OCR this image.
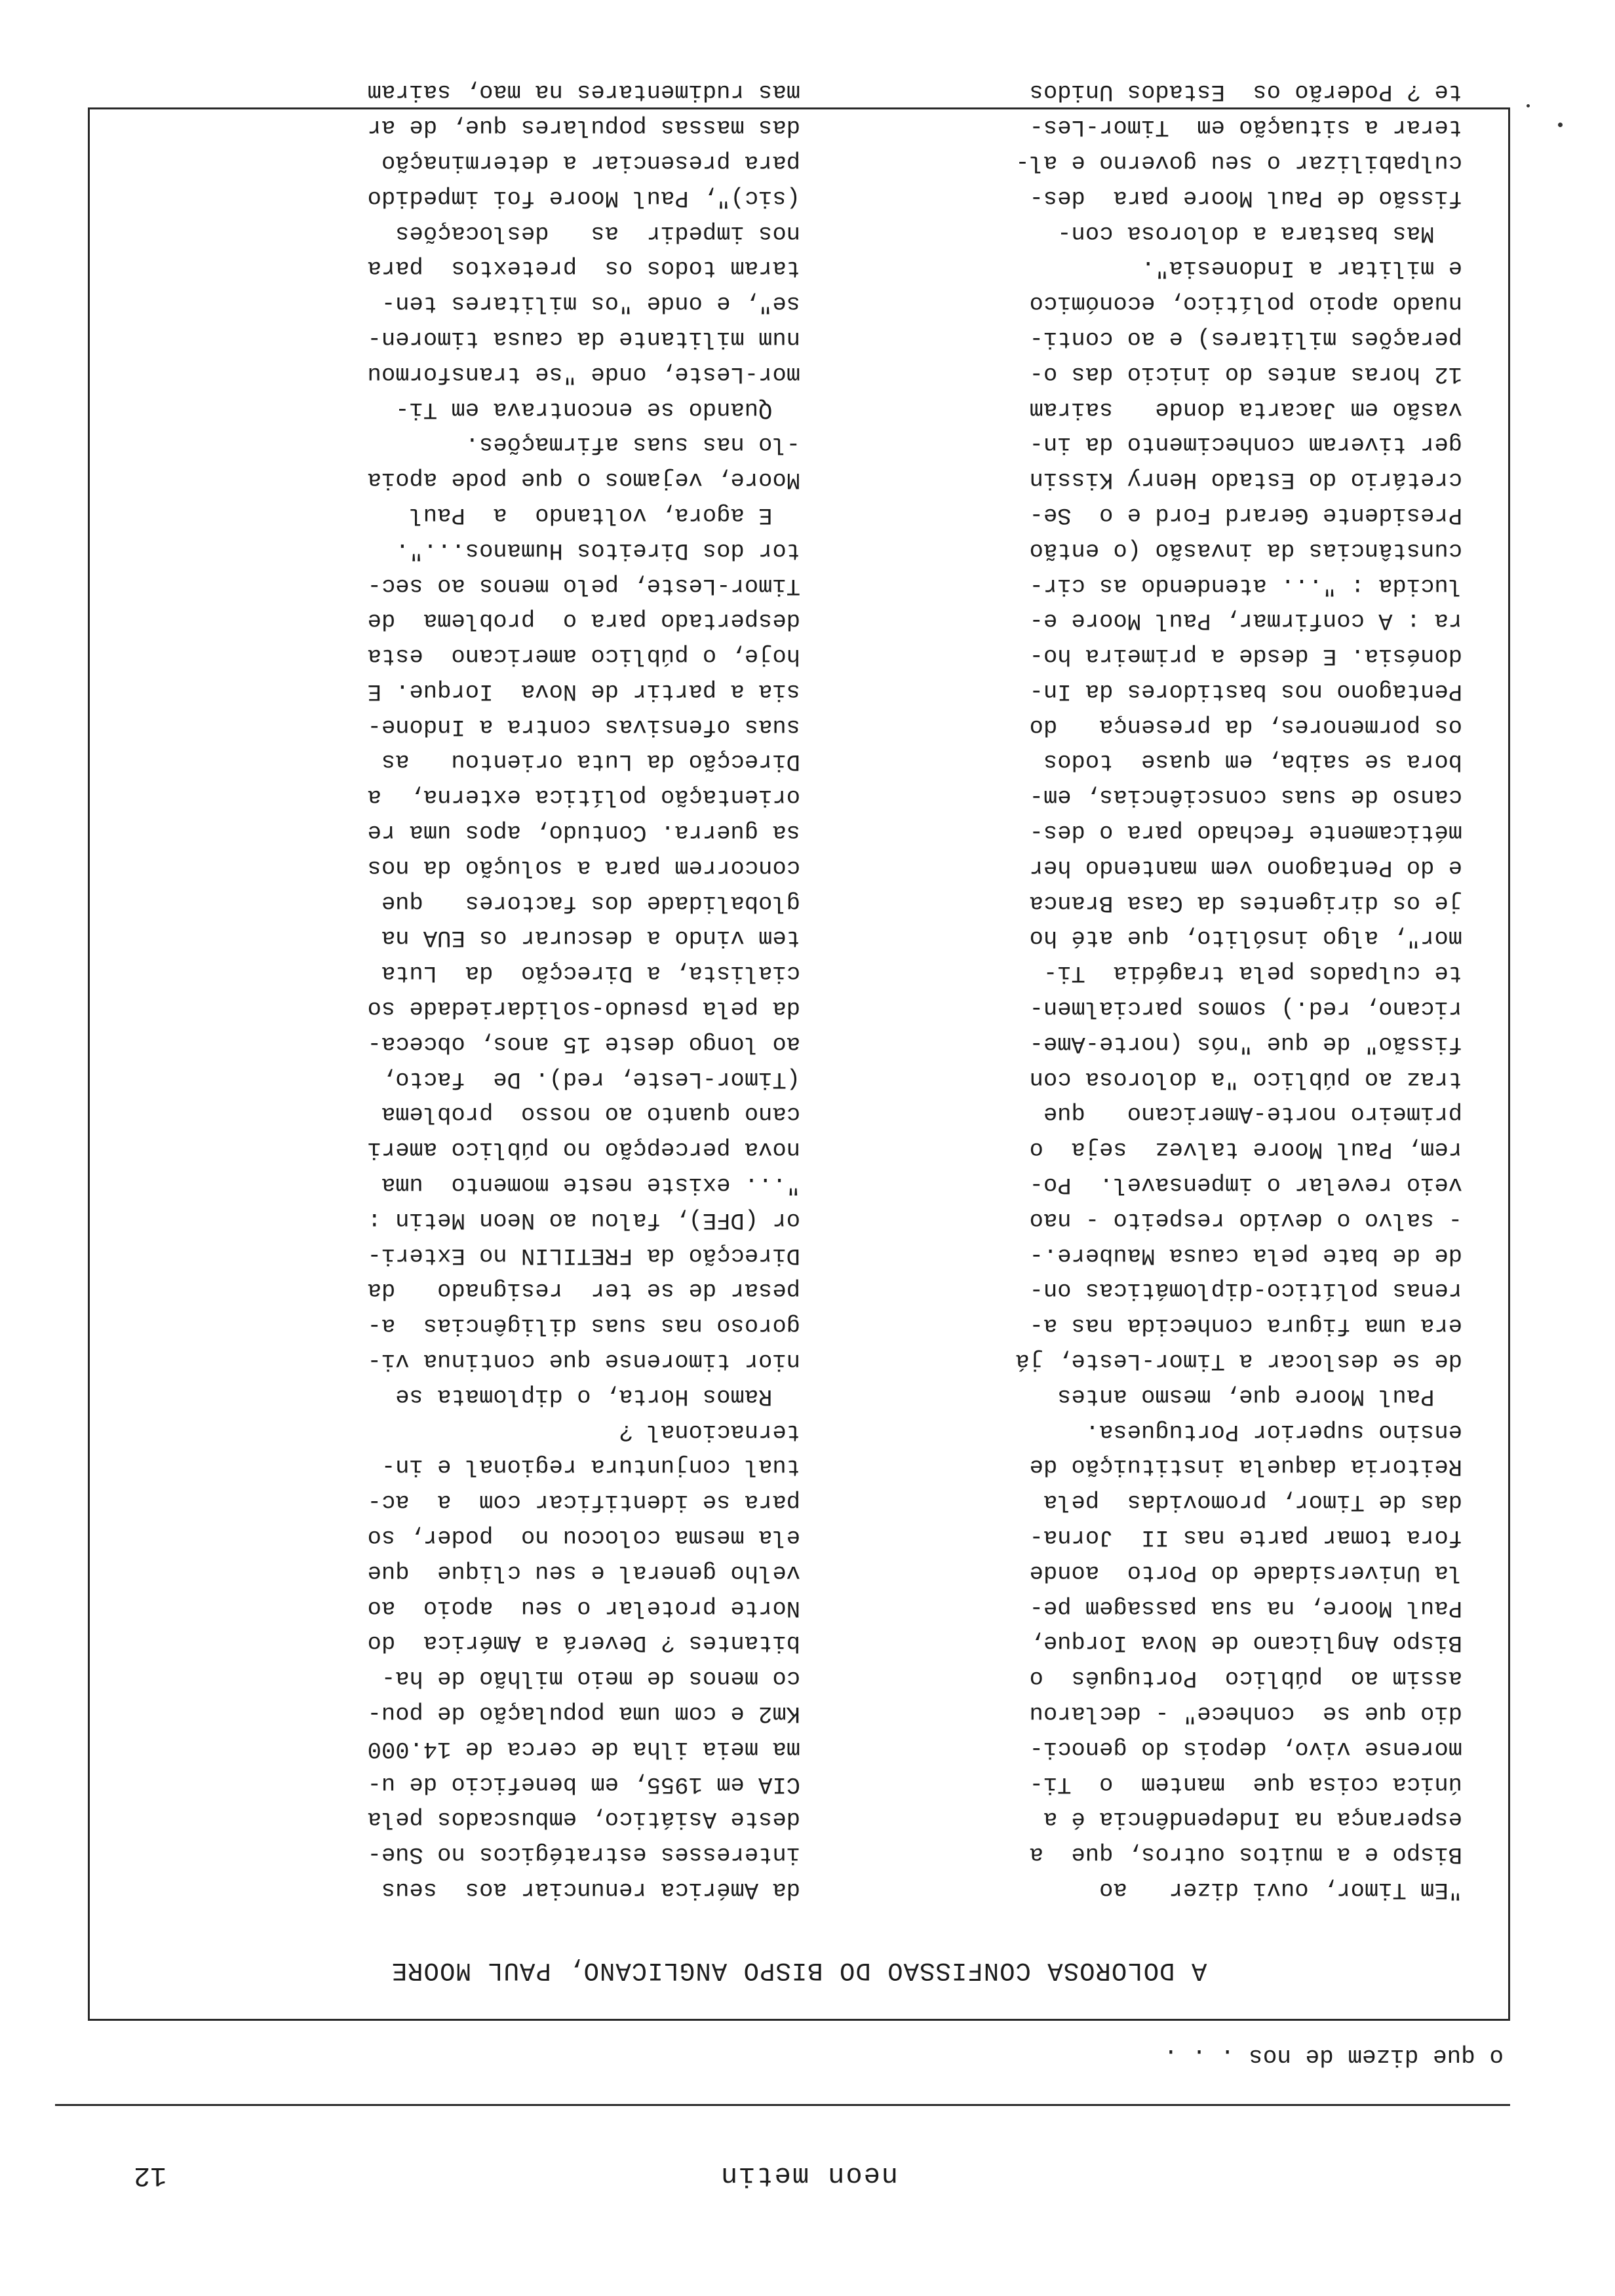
neon metin
12
o que dizem de nos . . .
A DOLOROSA CONFISSAO DO BISPO ANGLICANO, PAUL MOORE
"Em Timor, ouvi dizer   ao
Bispo e a muitos outros, que  a
esperança na Independência é a
única coisa que  mantem  o  Ti-
morense vivo, depois do genoci-
dio que se  conhece" - declarou
assim ao  público  Português  o
Bispo Anglicano de Nova Iorque,
Paul Moore, na sua passagem pe-
la Universidade do Porto  aonde
fora tomar parte nas II  Jorna-
das de Timor, promovidas  pela
Reitoria daquela instituição de
ensino superior Portuguesa.
Paul Moore que, mesmo antes
de se deslocar a Timor-Leste, já
era uma figura conhecida nas a-
renas político-diplomáticas on-
de de bate pela causa Maubere.-
- salvo o devido respeito - nao
veio revelar o impensavel.  Po-
rem, Paul Moore talvez  seja  o
primeiro norte-Americano   que
traz ao público "a dolorosa con
fissão" de que "nós (norte-Ame-
ricano, red.) somos parcialmen-
te culpados pela tragédia  Ti-
mor", algo insólito, que até ho
je os dirigentes da Casa Branca
e do Pentagono vem mantendo her
méticamente fechado para o des-
canso de suas consciências, em-
bora se saiba, em quase  todos
os pormenores, da presença   do
Pentagono nos bastidores da In-
donésia. E desde a primeira ho-
ra : A confirmar, Paul Moore e-
lucida : "... atendendo as cir-
cunstâncias da invasão (o então
Presidente Gerard Ford e o  Se-
cretário do Estado Henry Kissin
ger tiveram conhecimento da in-
vasão em Jacarta donde   sairam
12 horas antes do inicio das o-
perações militares) e ao conti-
nuado apoio político, económico
e militar a Indonesia".
Mas bastara a dolorosa con-
fissão de Paul Moore para  des-
culpabilizar o seu governo e al-
terar a situação em  Timor-Les-
te ? Poderão os  Estados Unidos
da América renunciar aos  seus
interesses estratégicos no Sue-
deste Asiático, embuscados pela
CIA em 1955, em beneficio de u-
ma meia ilha de cerca de 14.000
Km2 e com uma população de pou-
co menos de meio milhão de ha-
bitantes ? Deverá a América  do
Norte protelar o seu  apoio  ao
velho general e seu clique  que
ela mesma colocou no  poder, so
para se identificar com  a  ac-
tual conjuntura regional e in-
ternacional ?
Ramos Horta, o diplomata se
nior timorense que continua vi-
goroso nas suas diligências  a-
pesar de se ter  resignado   da
Direcção da FRETILIN no Exteri-
or (DFE), falou ao Neon Metin :
"... existe neste momento  uma
nova percepção no público ameri
cano quanto ao nosso  problema
(Timor-Leste, red). De  facto,
ao longo deste 15 anos, obceca-
da pela pseudo-solidariedade so
cialista, a Direcção  da  Luta
tem vindo a descurar os EUA na
globalidade dos factores   que
concorrem para a solução da nos
sa guerra. Contudo, apos uma re
orientação política externa,  a
Direcção da Luta orientou   as
suas ofensivas contra a Indone-
sia a partir de Nova  Iorque. E
hoje, o público americano  esta
despertado para o  problema  de
Timor-Leste, pelo menos ao sec-
tor dos Direitos Humanos...".
E agora, voltando  a  Paul
Moore, vejamos o que pode apoia
-lo nas suas afirmações.
Quando se encontrava em Ti-
mor-Leste, onde "se transformou
num militante da causa timoren-
se", e onde "os militares ten-
taram todos os  pretextos  para
nos impedir  as   deslocações
(sic)", Paul Moore foi impedido
para presenciar a determinação
das massas populares que, de ar
mas rudimentares na mao, sairam
